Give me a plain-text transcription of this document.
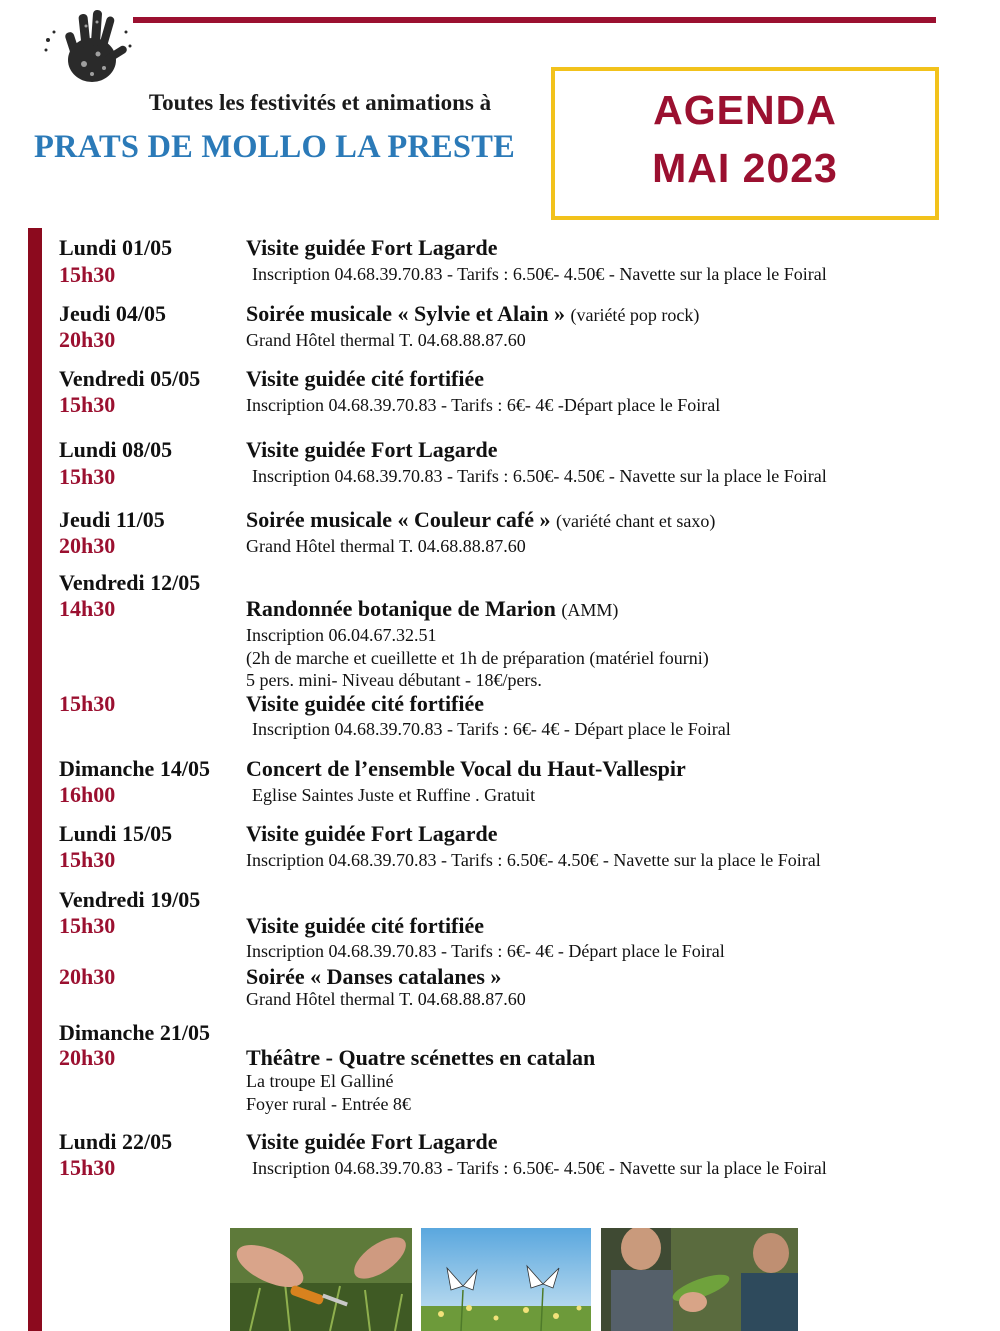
Toutes les festivités et animations à
PRATS DE MOLLO LA PRESTE
AGENDA
MAI 2023
Lundi 01/05
15h30
Visite guidée Fort Lagarde
Inscription 04.68.39.70.83 - Tarifs : 6.50€- 4.50€ - Navette sur la place le Foiral
Jeudi 04/05
20h30
Soirée musicale « Sylvie et Alain » (variété pop rock)
Grand Hôtel thermal T. 04.68.88.87.60
Vendredi 05/05
15h30
Visite guidée cité fortifiée
Inscription 04.68.39.70.83 - Tarifs : 6€- 4€ -Départ place le Foiral
Lundi 08/05
15h30
Visite guidée Fort Lagarde
Inscription 04.68.39.70.83 - Tarifs : 6.50€- 4.50€ - Navette sur la place le Foiral
Jeudi 11/05
20h30
Soirée musicale « Couleur café » (variété chant et saxo)
Grand Hôtel thermal T. 04.68.88.87.60
Vendredi 12/05
14h30	Randonnée botanique de Marion (AMM)
Inscription 06.04.67.32.51
(2h de marche et cueillette et 1h de préparation (matériel fourni)
5 pers. mini- Niveau débutant - 18€/pers.
15h30	Visite guidée cité fortifiée
Inscription 04.68.39.70.83 - Tarifs : 6€- 4€ - Départ place le Foiral
Dimanche 14/05
16h00
Concert de l’ensemble Vocal du Haut-Vallespir
Eglise Saintes Juste et Ruffine . Gratuit
Lundi 15/05
15h30
Visite guidée Fort Lagarde
Inscription 04.68.39.70.83 - Tarifs : 6.50€- 4.50€ - Navette sur la place le Foiral
Vendredi 19/05
15h30	Visite guidée cité fortifiée
Inscription 04.68.39.70.83 - Tarifs : 6€- 4€ - Départ place le Foiral
20h30	Soirée « Danses catalanes »
Grand Hôtel thermal T. 04.68.88.87.60
Dimanche 21/05
20h30	Théâtre - Quatre scénettes en catalan
La troupe El Galliné
Foyer rural - Entrée 8€
Lundi 22/05
15h30
Visite guidée Fort Lagarde
Inscription 04.68.39.70.83 - Tarifs : 6.50€- 4.50€ - Navette sur la place le Foiral
